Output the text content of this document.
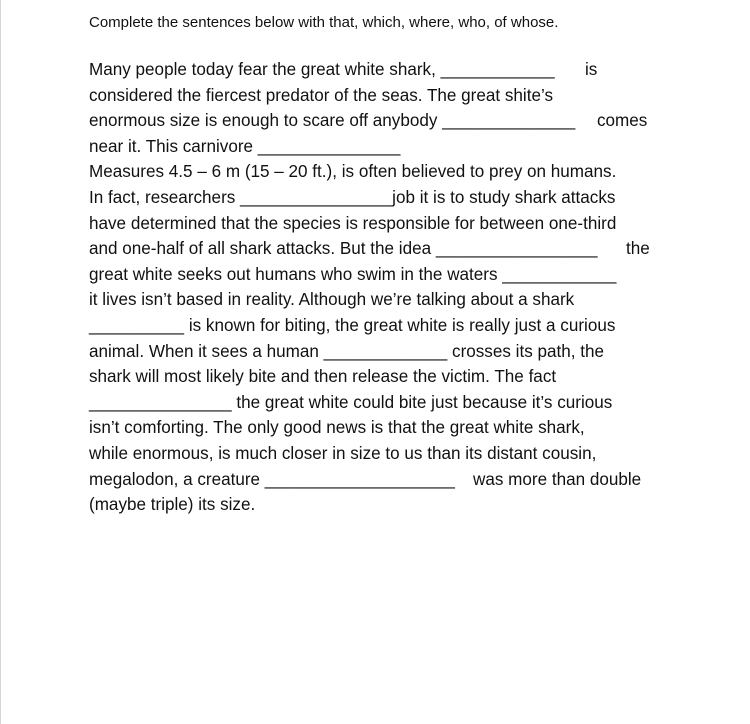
Complete the sentences below with that, which, where, who, of whose.

Many people today fear the great white shark, ____________ is
considered the fiercest predator of the seas. The great shite’s
enormous size is enough to scare off anybody ______________ comes
near it. This carnivore _______________
Measures 4.5 – 6 m (15 – 20 ft.), is often believed to prey on humans.
In fact, researchers ________________job it is to study shark attacks
have determined that the species is responsible for between one-third
and one-half of all shark attacks. But the idea _________________ the
great white seeks out humans who swim in the waters ____________
it lives isn’t based in reality. Although we’re talking about a shark
__________ is known for biting, the great white is really just a curious
animal. When it sees a human _____________ crosses its path, the
shark will most likely bite and then release the victim. The fact
_______________ the great white could bite just because it’s curious
isn’t comforting. The only good news is that the great white shark,
while enormous, is much closer in size to us than its distant cousin,
megalodon, a creature ____________________ was more than double
(maybe triple) its size.
